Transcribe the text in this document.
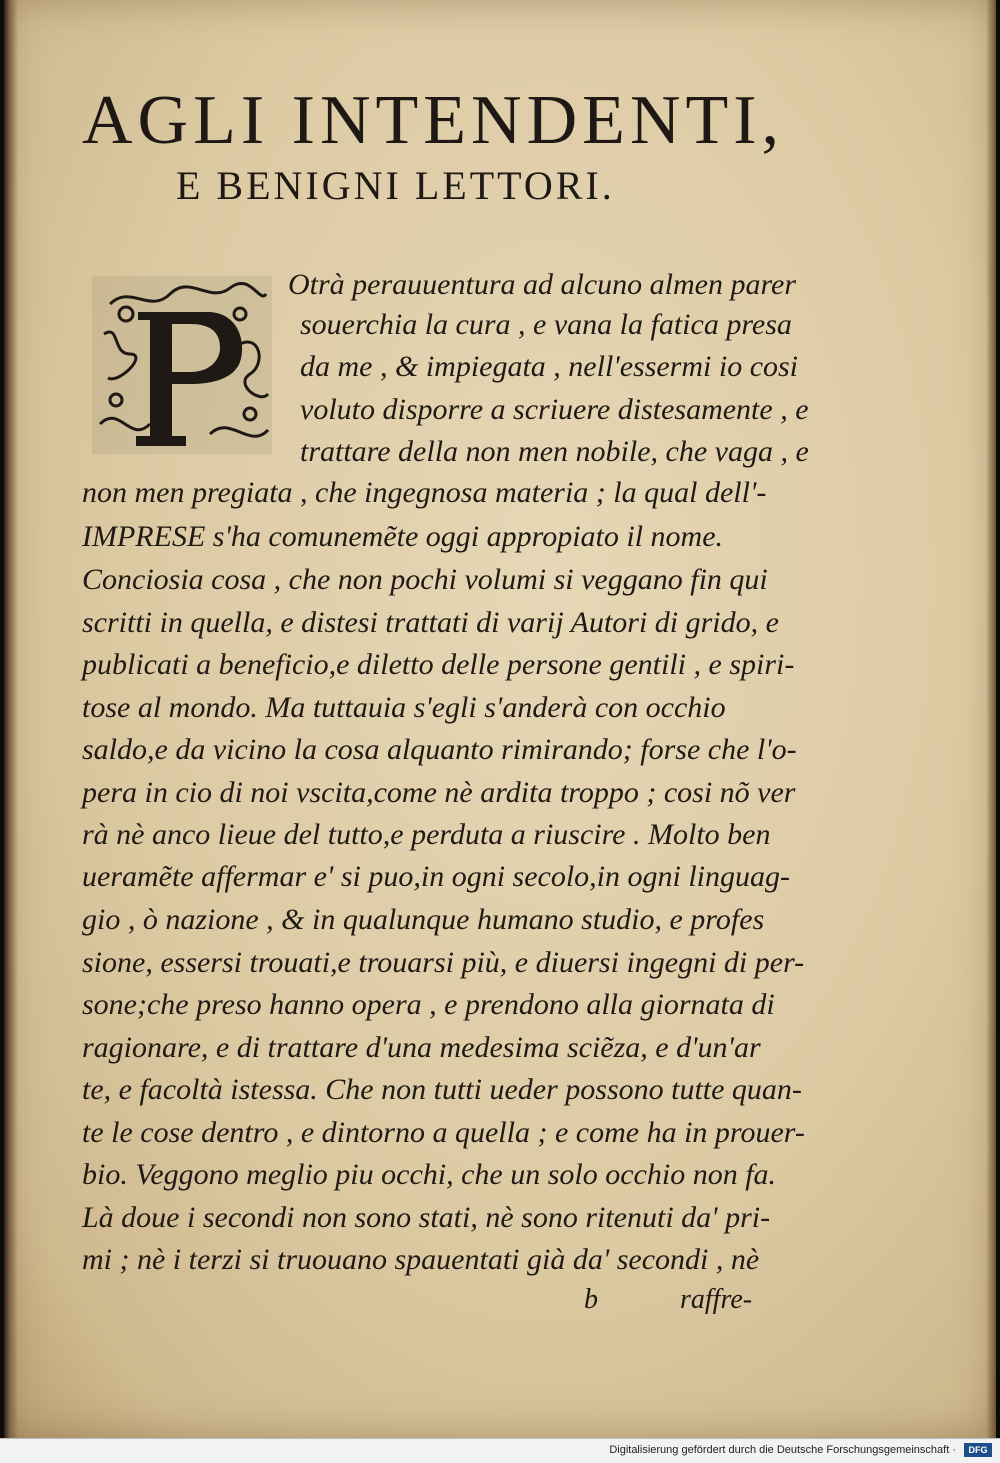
AGLI INTENDENTI,
E BENIGNI LETTORI.
P
Otrà perauuentura ad alcuno almen parer
souerchia la cura , e vana la fatica presa
da me , & impiegata , nell'essermi io cosi
voluto disporre a scriuere distesamente , e
trattare della non men nobile, che vaga , e
non men pregiata , che ingegnosa materia ; la qual dell'-
IMPRESE s'ha comunemẽte oggi appropiato il nome.
Conciosia cosa , che non pochi volumi si veggano fin qui
scritti in quella, e distesi trattati di varij Autori di grido, e
publicati a beneficio,e diletto delle persone gentili , e spiri-
tose al mondo. Ma tuttauia s'egli s'anderà con occhio
saldo,e da vicino la cosa alquanto rimirando; forse che l'o-
pera in cio di noi vscita,come nè ardita troppo ; cosi nõ ver
rà nè anco lieue del tutto,e perduta a riuscire . Molto ben
ueramẽte affermar e' si puo,in ogni secolo,in ogni linguag-
gio , ò nazione , & in qualunque humano studio, e profes
sione, essersi trouati,e trouarsi più, e diuersi ingegni di per-
sone;che preso hanno opera , e prendono alla giornata di
ragionare, e di trattare d'una medesima sciẽza, e d'un'ar
te, e facoltà istessa. Che non tutti ueder possono tutte quan-
te le cose dentro , e dintorno a quella ; e come ha in prouer-
bio. Veggono meglio piu occhi, che un solo occhio non fa.
Là doue i secondi non sono stati, nè sono ritenuti da' pri-
mi ; nè i terzi si truouano spauentati già da' secondi , nè
b	raffre-
Digitalisierung gefördert durch die Deutsche Forschungsgemeinschaft ·	DFG
